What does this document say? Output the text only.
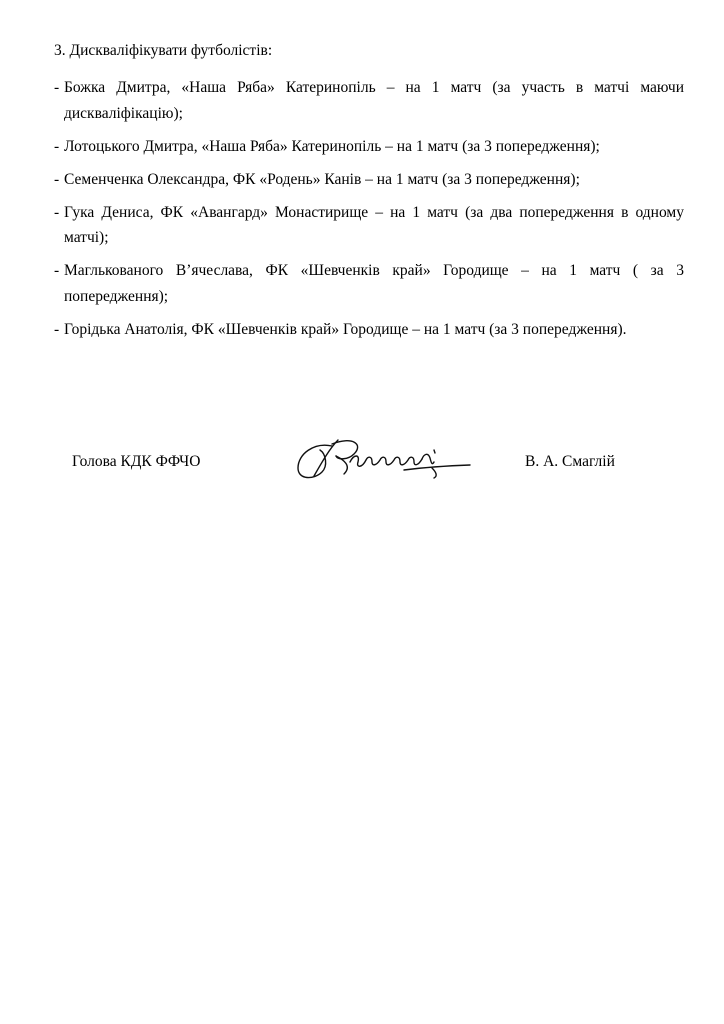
3. Дискваліфікувати футболістів:
- Божка Дмитра, «Наша Ряба» Катеринопіль – на 1 матч (за участь в матчі маючи дискваліфікацію);
- Лотоцького Дмитра, «Наша Ряба» Катеринопіль – на 1 матч (за 3 попередження);
- Семенченка Олександра, ФК «Родень» Канів – на 1 матч (за 3 попередження);
- Гука Дениса, ФК «Авангард» Монастирище – на 1 матч (за два попередження в одному матчі);
- Маглькованого В’ячеслава, ФК «Шевченків край» Городище – на 1 матч ( за 3 попередження);
- Горідька Анатолія, ФК «Шевченків край» Городище – на 1 матч (за 3 попередження).
Голова КДК ФФЧО	В. А. Смаглій
